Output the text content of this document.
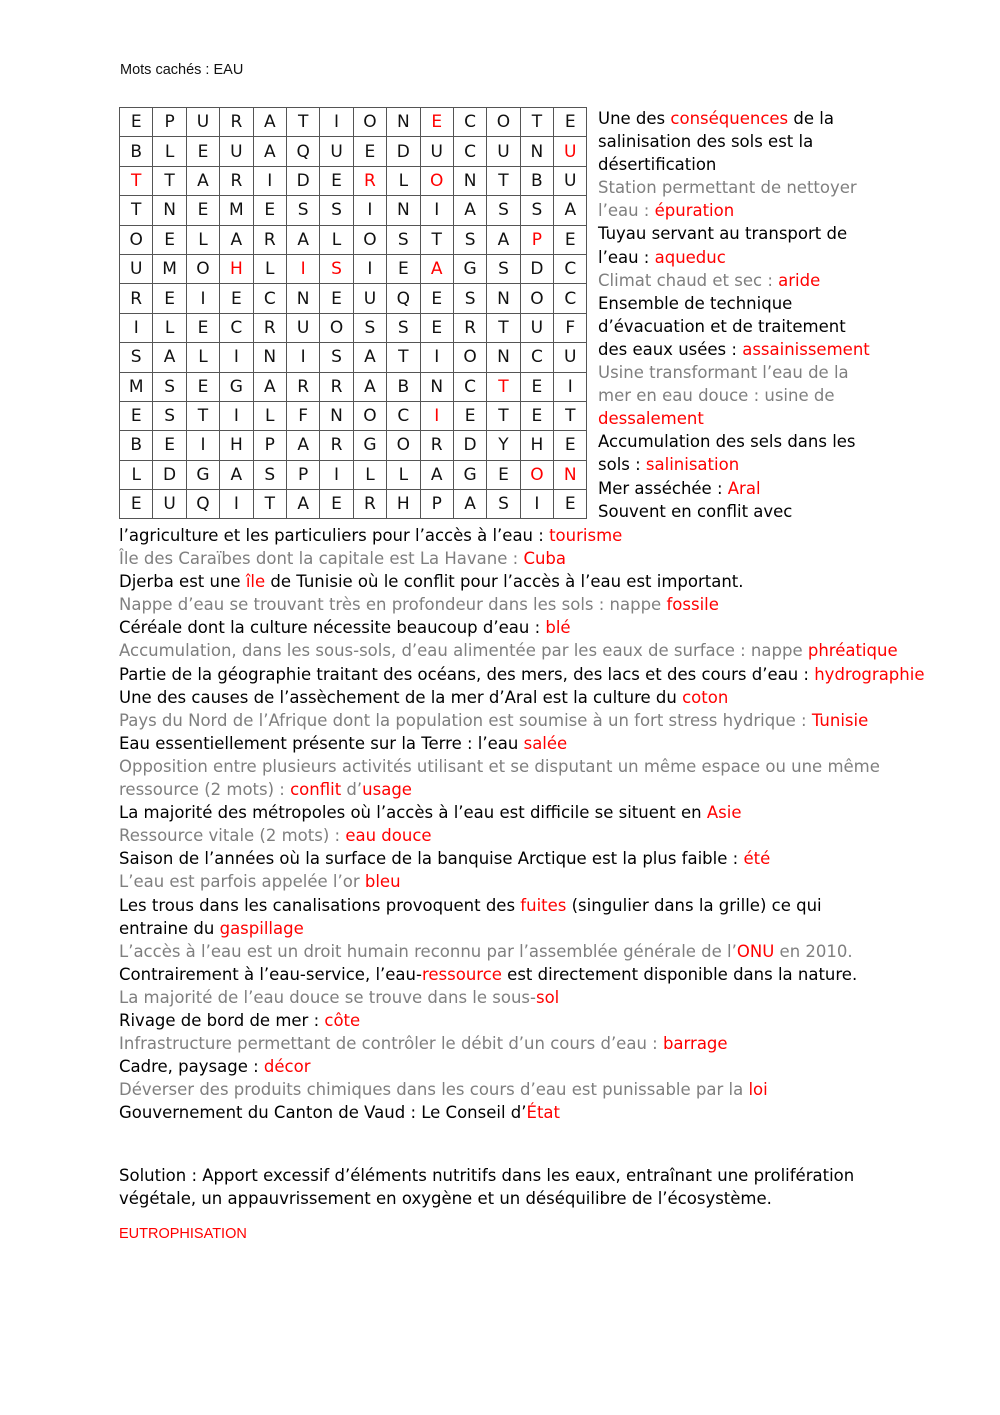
Mots cachés : EAU
E	P	U	R	A	T	I	O	N	E	C	O	T	E
B	L	E	U	A	Q	U	E	D	U	C	U	N	U
T	T	A	R	I	D	E	R	L	O	N	T	B	U
T	N	E	M	E	S	S	I	N	I	A	S	S	A
O	E	L	A	R	A	L	O	S	T	S	A	P	E
U	M	O	H	L	I	S	I	E	A	G	S	D	C
R	E	I	E	C	N	E	U	Q	E	S	N	O	C
I	L	E	C	R	U	O	S	S	E	R	T	U	F
S	A	L	I	N	I	S	A	T	I	O	N	C	U
M	S	E	G	A	R	R	A	B	N	C	T	E	I
E	S	T	I	L	F	N	O	C	I	E	T	E	T
B	E	I	H	P	A	R	G	O	R	D	Y	H	E
L	D	G	A	S	P	I	L	L	A	G	E	O	N
E	U	Q	I	T	A	E	R	H	P	A	S	I	E
Une des conséquences de la
salinisation des sols est la
désertification
Station permettant de nettoyer
l’eau : épuration
Tuyau servant au transport de
l’eau : aqueduc
Climat chaud et sec : aride
Ensemble de technique
d’évacuation et de traitement
des eaux usées : assainissement
Usine transformant l’eau de la
mer en eau douce : usine de
dessalement
Accumulation des sels dans les
sols : salinisation
Mer asséchée : Aral
Souvent en conflit avec
l’agriculture et les particuliers pour l’accès à l’eau : tourisme
Île des Caraïbes dont la capitale est La Havane : Cuba
Djerba est une île de Tunisie où le conflit pour l’accès à l’eau est important.
Nappe d’eau se trouvant très en profondeur dans les sols : nappe fossile
Céréale dont la culture nécessite beaucoup d’eau : blé
Accumulation, dans les sous-sols, d’eau alimentée par les eaux de surface : nappe phréatique
Partie de la géographie traitant des océans, des mers, des lacs et des cours d’eau : hydrographie
Une des causes de l’assèchement de la mer d’Aral est la culture du coton
Pays du Nord de l’Afrique dont la population est soumise à un fort stress hydrique : Tunisie
Eau essentiellement présente sur la Terre : l’eau salée
Opposition entre plusieurs activités utilisant et se disputant un même espace ou une même
ressource (2 mots) : conflit d’usage
La majorité des métropoles où l’accès à l’eau est difficile se situent en Asie
Ressource vitale (2 mots) : eau douce
Saison de l’années où la surface de la banquise Arctique est la plus faible : été
L’eau est parfois appelée l’or bleu
Les trous dans les canalisations provoquent des fuites (singulier dans la grille) ce qui
entraine du gaspillage
L’accès à l’eau est un droit humain reconnu par l’assemblée générale de l’ONU en 2010.
Contrairement à l’eau-service, l’eau-ressource est directement disponible dans la nature.
La majorité de l’eau douce se trouve dans le sous-sol
Rivage de bord de mer : côte
Infrastructure permettant de contrôler le débit d’un cours d’eau : barrage
Cadre, paysage : décor
Déverser des produits chimiques dans les cours d’eau est punissable par la loi
Gouvernement du Canton de Vaud : Le Conseil d’État
Solution : Apport excessif d’éléments nutritifs dans les eaux, entraînant une prolifération végétale, un appauvrissement en oxygène et un déséquilibre de l’écosystème.
EUTROPHISATION
